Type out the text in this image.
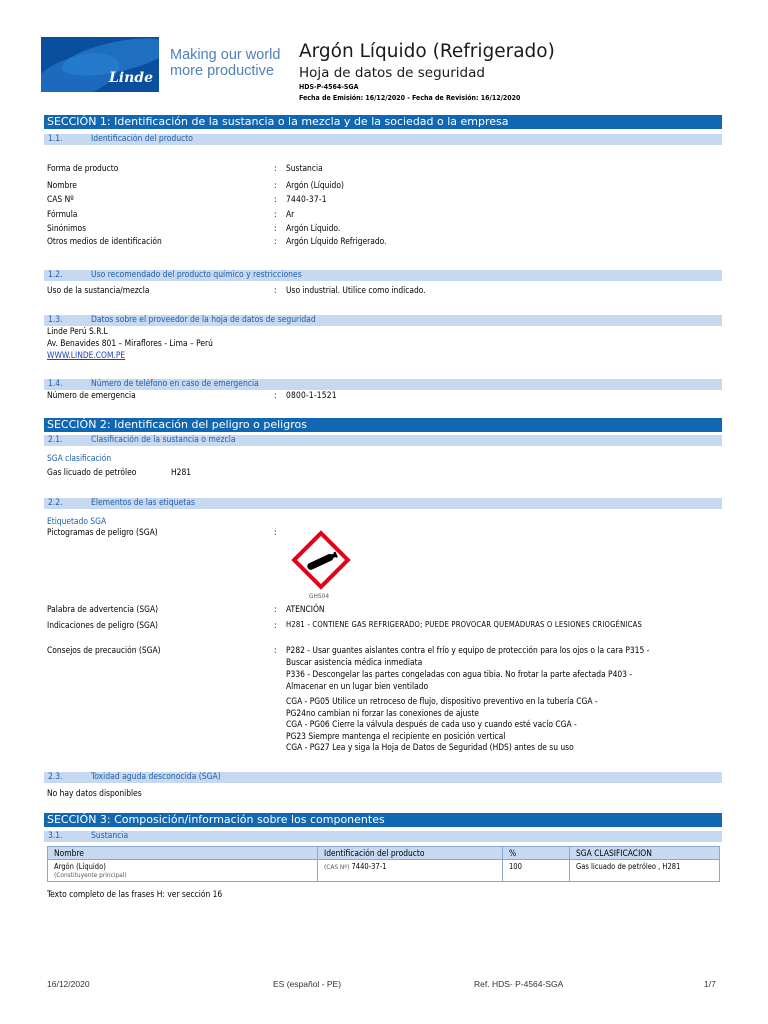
Linde
Making our world
more productive
Argón Líquido (Refrigerado)
Hoja de datos de seguridad
HDS-P-4564-SGA
Fecha de Emisión: 16/12/2020 - Fecha de Revisión: 16/12/2020
SECCIÓN 1: Identificación de la sustancia o la mezcla y de la sociedad o la empresa
1.1.	Identificación del producto
Forma de producto	: Sustancia
Nombre	: Argón (Líquido)
CAS Nº	: 7440-37-1
Fórmula	: Ar
Sinónimos	: Argón Líquido.
Otros medios de identificación	: Argón Líquido Refrigerado.
1.2.	Uso recomendado del producto químico y restricciones
Uso de la sustancia/mezcla	: Uso industrial. Utilice como indicado.
1.3.	Datos sobre el proveedor de la hoja de datos de seguridad
Linde Perú S.R.L
Av. Benavides 801 – Miraflores - Lima – Perú
WWW.LINDE.COM.PE
1.4.	Número de teléfono en caso de emergencia
Número de emergencia	: 0800-1-1521
SECCIÓN 2: Identificación del peligro o peligros
2.1.	Clasificación de la sustancia o mezcla
SGA clasificación
Gas licuado de petróleo	H281
2.2.	Elementos de las etiquetas
Etiquetado SGA
Pictogramas de peligro (SGA)	:
GHS04
Palabra de advertencia (SGA)	: ATENCIÓN
Indicaciones de peligro (SGA)	: H281 - CONTIENE GAS REFRIGERADO; PUEDE PROVOCAR QUEMADURAS O LESIONES CRIOGÉNICAS
Consejos de precaución (SGA)	: P282 - Usar guantes aislantes contra el frío y equipo de protección para los ojos o la cara P315 -
Buscar asistencia médica inmediata
P336 - Descongelar las partes congeladas con agua tibia. No frotar la parte afectada P403 -
Almacenar en un lugar bien ventilado
CGA - PG05 Utilice un retroceso de flujo, dispositivo preventivo en la tubería CGA -
PG24no cambian ni forzar las conexiones de ajuste
CGA - PG06 Cierre la válvula después de cada uso y cuando esté vacío CGA -
PG23 Siempre mantenga el recipiente en posición vertical
CGA - PG27 Lea y siga la Hoja de Datos de Seguridad (HDS) antes de su uso
2.3.	Toxidad aguda desconocida (SGA)
No hay datos disponibles
SECCIÓN 3: Composición/información sobre los componentes
3.1.	Sustancia
Nombre	Identificación del producto	%	SGA CLASIFICACION

Argón (Líquido)
(Constituyente principal)	(CAS Nº) 7440-37-1	100	Gas licuado de petróleo , H281
Texto completo de las frases H: ver sección 16
16/12/2020	ES (español - PE)	Ref. HDS- P-4564-SGA	1/7
